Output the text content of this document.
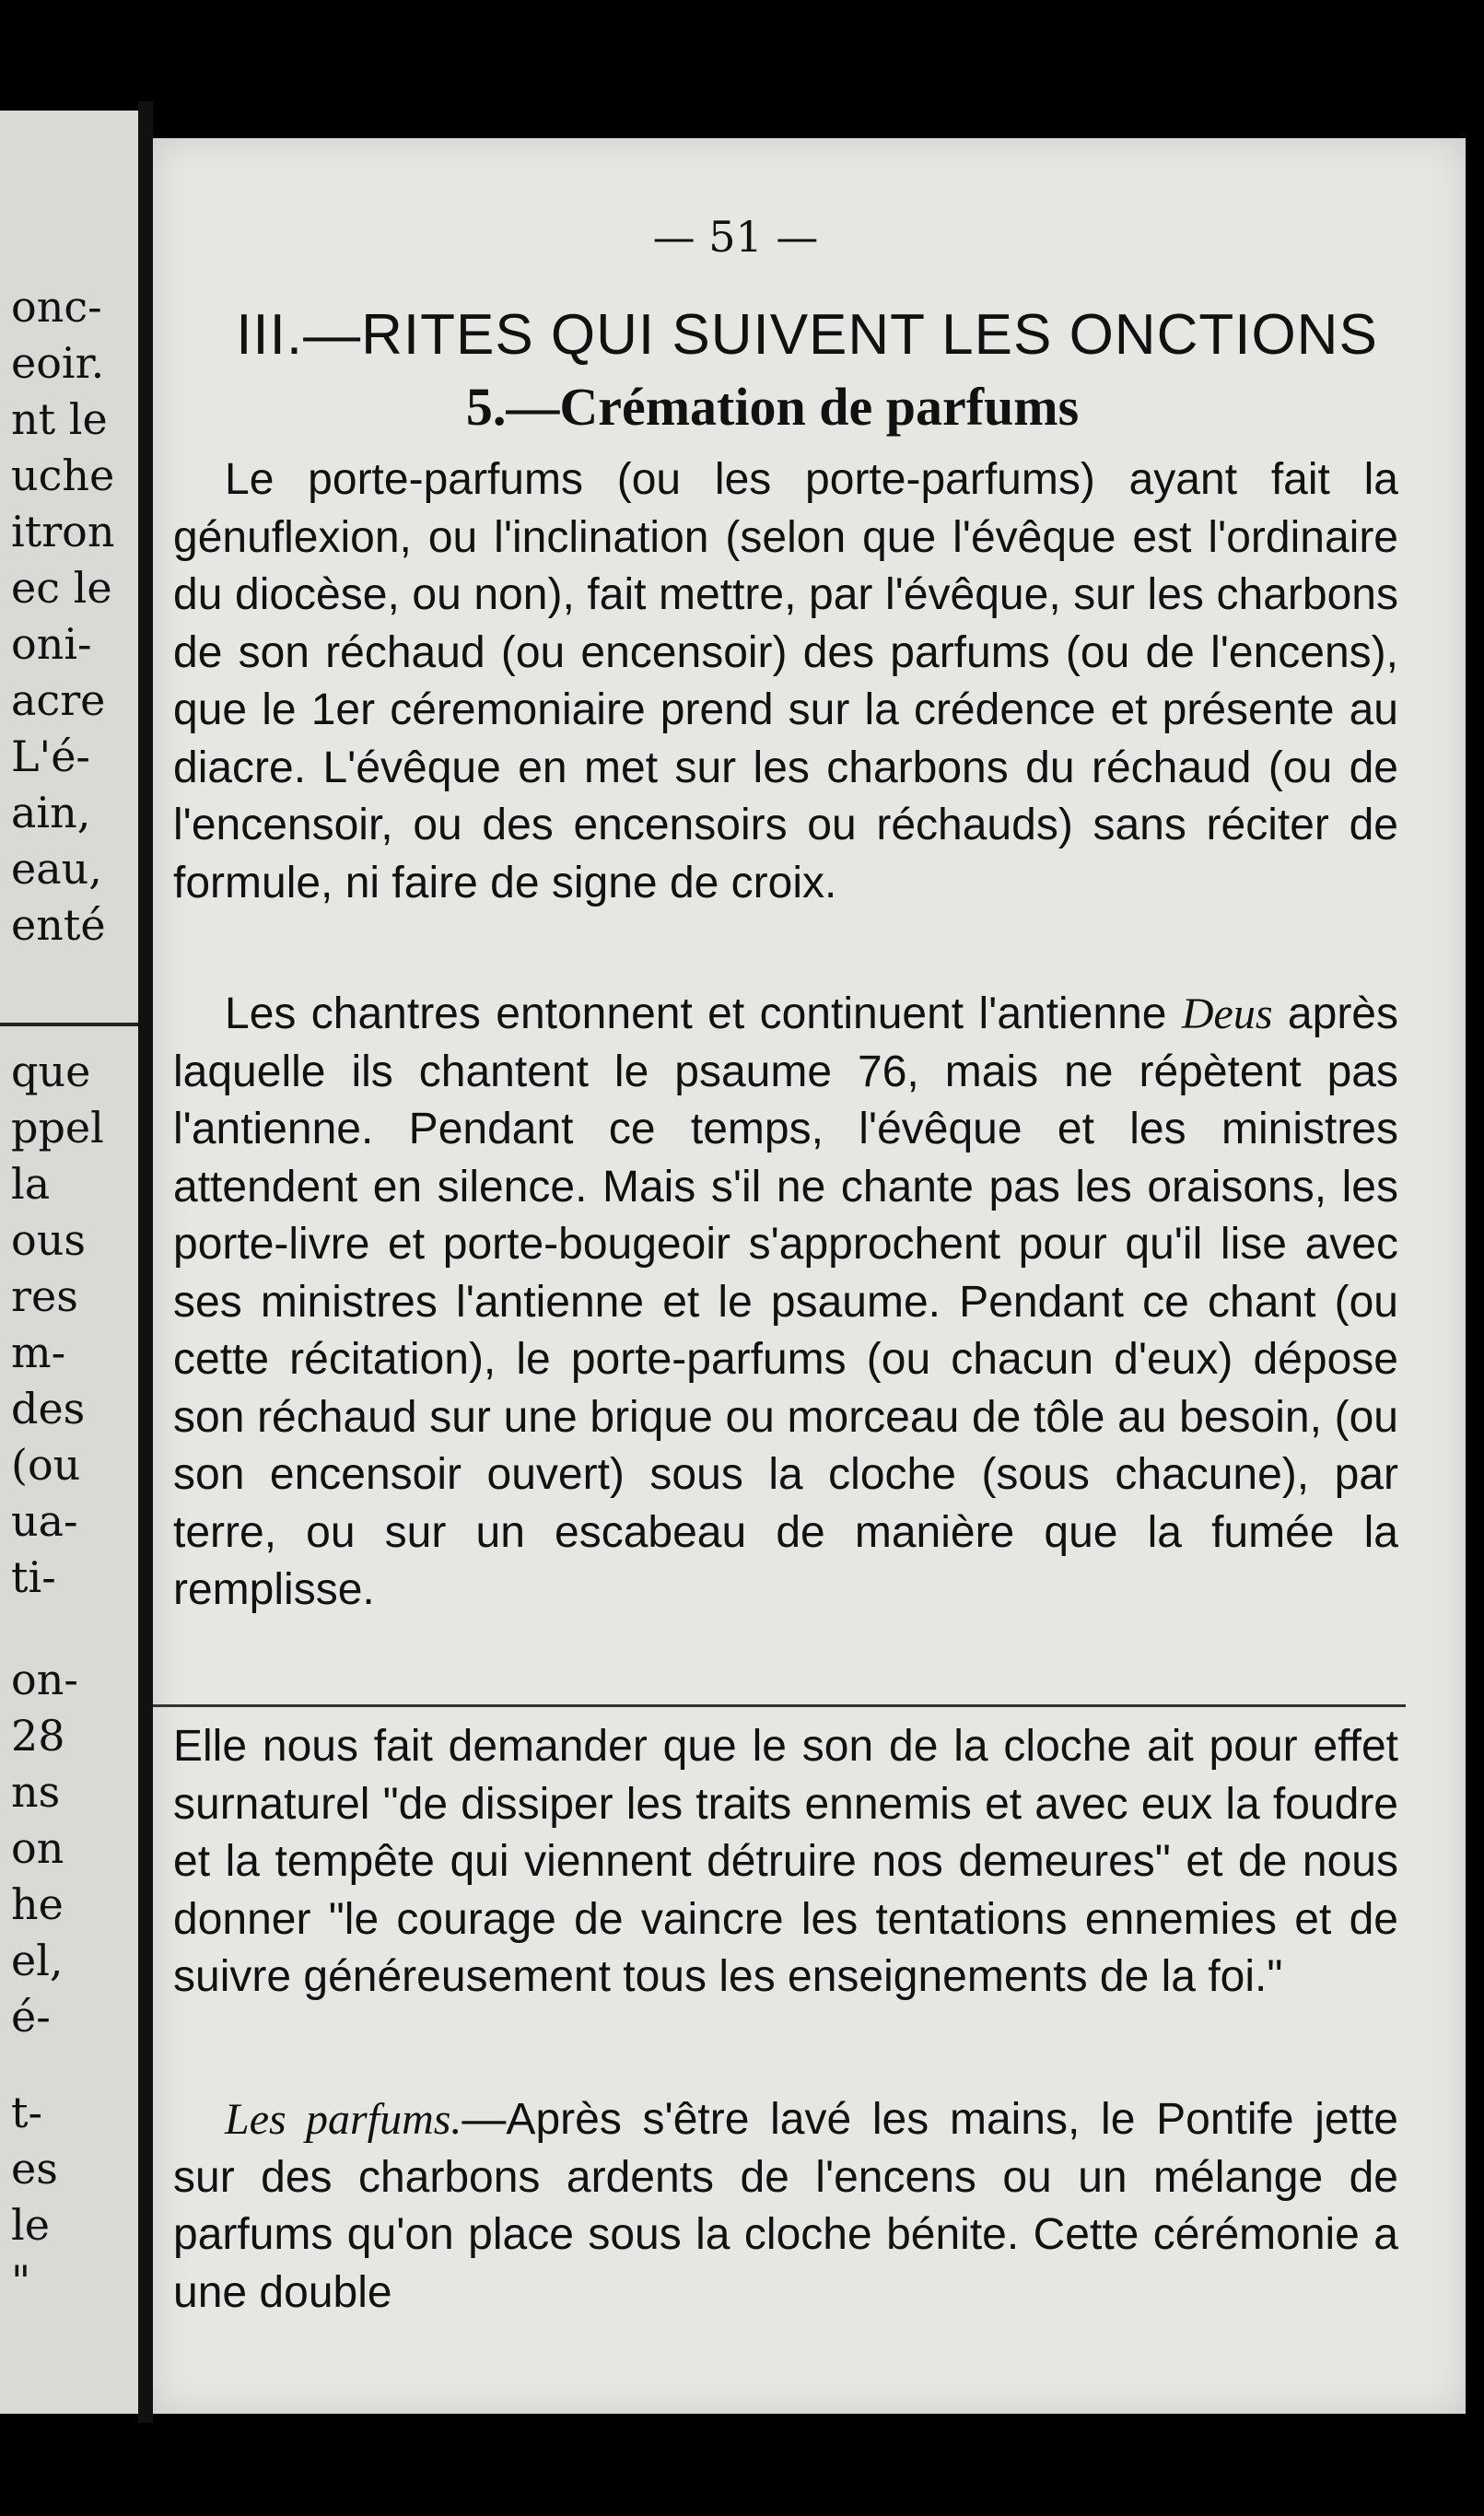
onc-
eoir.
nt le
uche
itron
ec le
oni-
acre
L'é-
ain,
eau,
enté
que
ppel
la
ous
res
m-
des
(ou
ua-
ti-
on-
28
ns
on
he
el,
é-
t-
es
le
"
— 51 —
III.—RITES QUI SUIVENT LES ONCTIONS
5.—Crémation de parfums

Le porte-parfums (ou les porte-parfums) ayant fait la génuflexion, ou l'inclination (selon que l'évêque est l'ordinaire du diocèse, ou non), fait mettre, par l'évêque, sur les charbons de son réchaud (ou encensoir) des parfums (ou de l'encens), que le 1er céremoniaire prend sur la crédence et présente au diacre. L'évêque en met sur les charbons du réchaud (ou de l'encensoir, ou des encensoirs ou réchauds) sans réciter de formule, ni faire de signe de croix.

Les chantres entonnent et continuent l'antienne Deus après laquelle ils chantent le psaume 76, mais ne répètent pas l'antienne. Pendant ce temps, l'évêque et les ministres attendent en silence. Mais s'il ne chante pas les oraisons, les porte-livre et porte-bougeoir s'approchent pour qu'il lise avec ses ministres l'antienne et le psaume. Pendant ce chant (ou cette récitation), le porte-parfums (ou chacun d'eux) dépose son réchaud sur une brique ou morceau de tôle au besoin, (ou son encensoir ouvert) sous la cloche (sous chacune), par terre, ou sur un escabeau de manière que la fumée la remplisse.

Elle nous fait demander que le son de la cloche ait pour effet surnaturel "de dissiper les traits ennemis et avec eux la foudre et la tempête qui viennent détruire nos demeures" et de nous donner "le courage de vaincre les tentations ennemies et de suivre généreusement tous les enseignements de la foi."

Les parfums.—Après s'être lavé les mains, le Pontife jette sur des charbons ardents de l'encens ou un mélange de parfums qu'on place sous la cloche bénite. Cette cérémonie a une double
